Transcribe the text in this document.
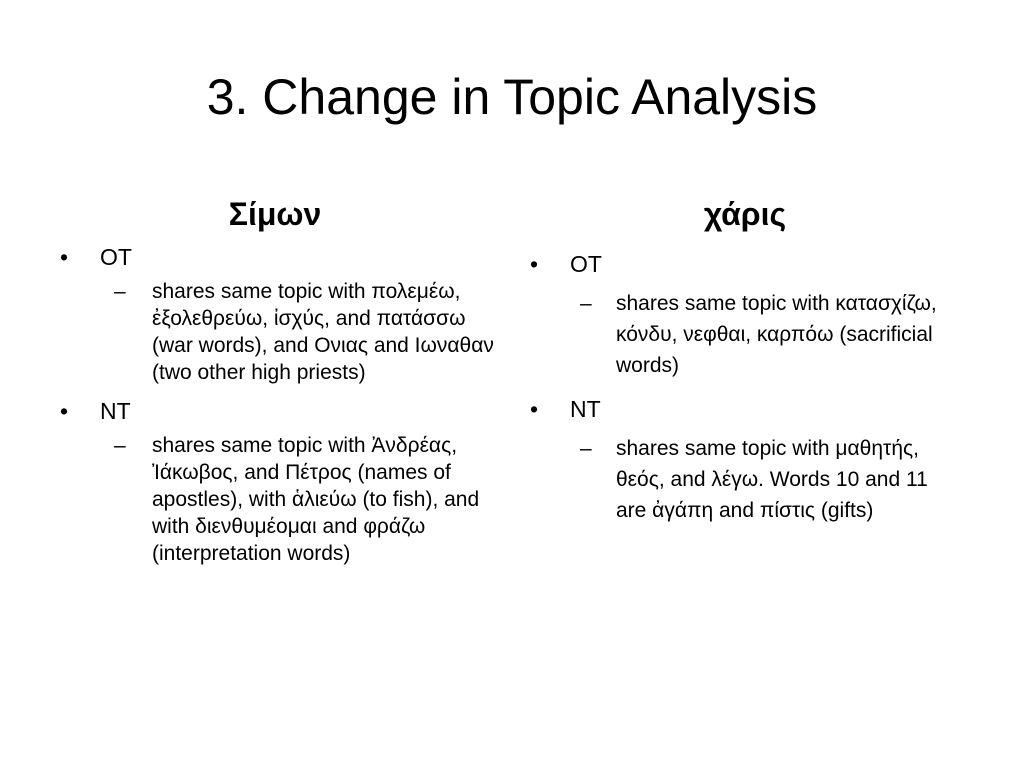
3. Change in Topic Analysis
Σίμων
•	OT
– shares same topic with πολεμέω, ἐξολεθρεύω, ἰσχύς, and πατάσσω (war words), and Ονιας and Ιωναθαν (two other high priests)
•	NT
– shares same topic with Ἀνδρέας, Ἰάκωβος, and Πέτρος (names of apostles), with ἁλιεύω (to fish), and with διενθυμέομαι and φράζω (interpretation words)
χάρις
•	OT
– shares same topic with κατασχίζω, κόνδυ, νεφθαι, καρπόω (sacrificial words)
•	NT
– shares same topic with μαθητής, θεός, and λέγω. Words 10 and 11 are ἀγάπη and πίστις (gifts)
